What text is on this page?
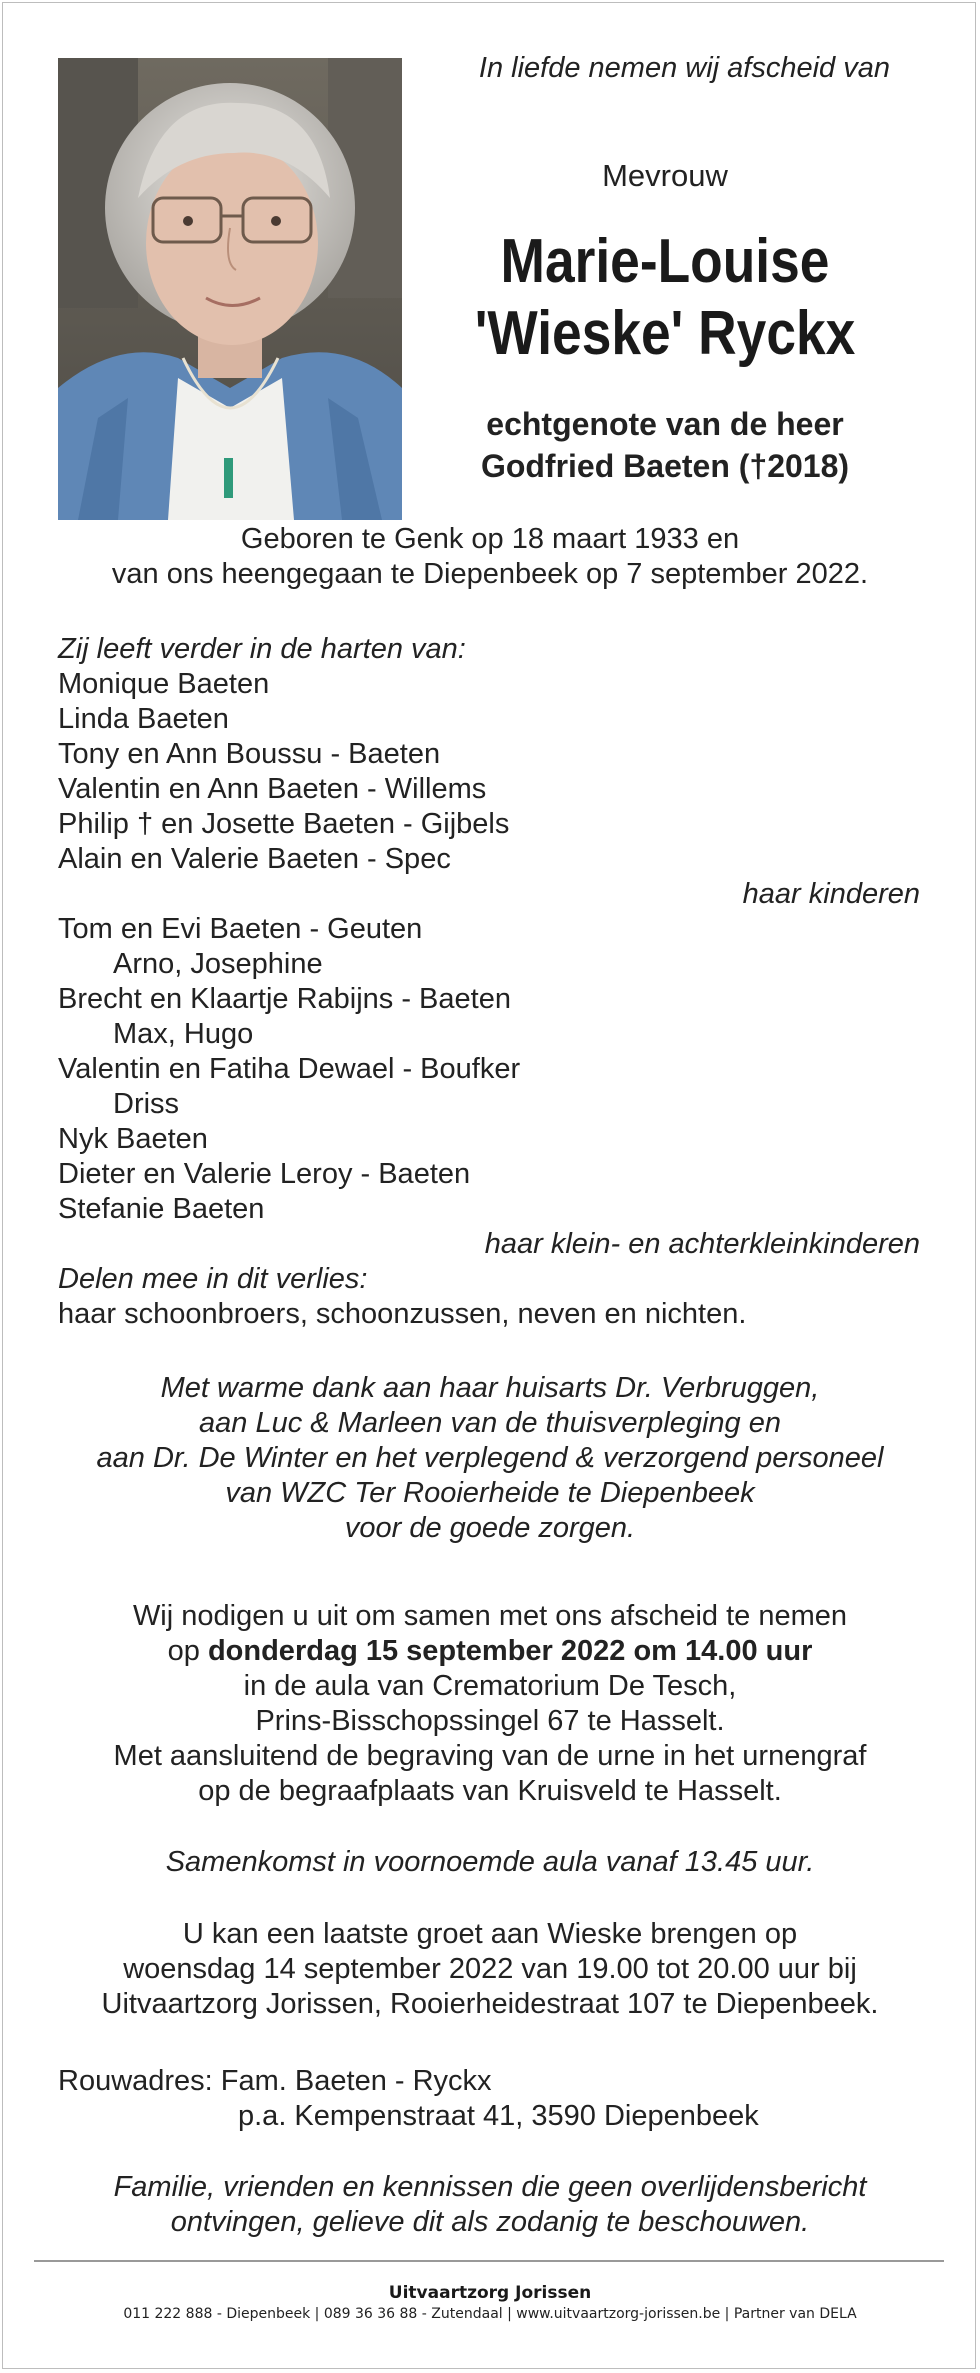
In liefde nemen wij afscheid van
Mevrouw
Marie-Louise
'Wieske' Ryckx
echtgenote van de heer
Godfried Baeten (†2018)
Geboren te Genk op 18 maart 1933 en
van ons heengegaan te Diepenbeek op 7 september 2022.
Zij leeft verder in de harten van:
Monique Baeten
Linda Baeten
Tony en Ann Boussu - Baeten
Valentin en Ann Baeten - Willems
Philip † en Josette Baeten - Gijbels
Alain en Valerie Baeten - Spec
haar kinderen
Tom en Evi Baeten - Geuten
Arno, Josephine
Brecht en Klaartje Rabijns - Baeten
Max, Hugo
Valentin en Fatiha Dewael - Boufker
Driss
Nyk Baeten
Dieter en Valerie Leroy - Baeten
Stefanie Baeten
haar klein- en achterkleinkinderen
Delen mee in dit verlies:
haar schoonbroers, schoonzussen, neven en nichten.
Met warme dank aan haar huisarts Dr. Verbruggen,
aan Luc & Marleen van de thuisverpleging en
aan Dr. De Winter en het verplegend & verzorgend personeel
van WZC Ter Rooierheide te Diepenbeek
voor de goede zorgen.
Wij nodigen u uit om samen met ons afscheid te nemen
op donderdag 15 september 2022 om 14.00 uur
in de aula van Crematorium De Tesch,
Prins-Bisschopssingel 67 te Hasselt.
Met aansluitend de begraving van de urne in het urnengraf
op de begraafplaats van Kruisveld te Hasselt.
Samenkomst in voornoemde aula vanaf 13.45 uur.
U kan een laatste groet aan Wieske brengen op
woensdag 14 september 2022 van 19.00 tot 20.00 uur bij
Uitvaartzorg Jorissen, Rooierheidestraat 107 te Diepenbeek.
Rouwadres: Fam. Baeten - Ryckx
p.a. Kempenstraat 41, 3590 Diepenbeek
Familie, vrienden en kennissen die geen overlijdensbericht
ontvingen, gelieve dit als zodanig te beschouwen.
Uitvaartzorg Jorissen
011 222 888 - Diepenbeek | 089 36 36 88 - Zutendaal | www.uitvaartzorg-jorissen.be | Partner van DELA
